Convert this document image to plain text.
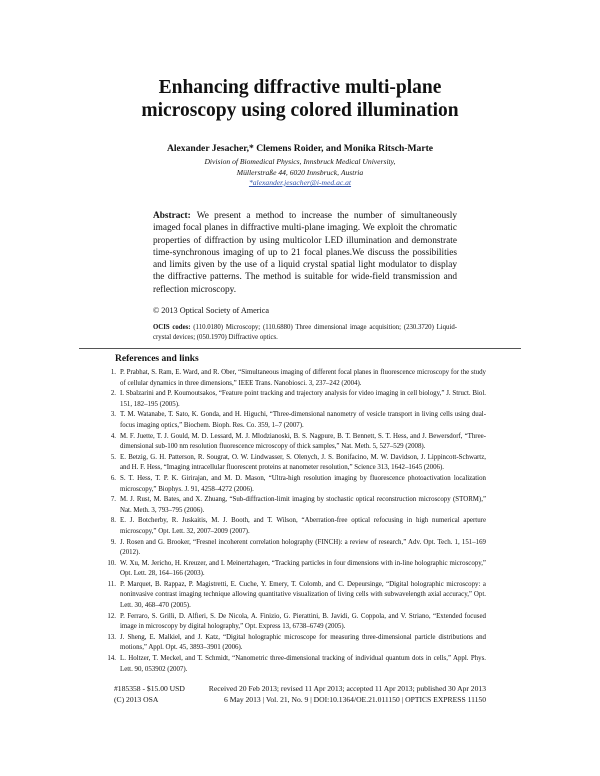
Enhancing diffractive multi-plane
microscopy using colored illumination
Alexander Jesacher,* Clemens Roider, and Monika Ritsch-Marte
Division of Biomedical Physics, Innsbruck Medical University,
Müllerstraße 44, 6020 Innsbruck, Austria
*alexander.jesacher@i-med.ac.at
Abstract: We present a method to increase the number of simultaneously imaged focal planes in diffractive multi-plane imaging. We exploit the chromatic properties of diffraction by using multicolor LED illumination and demonstrate time-synchronous imaging of up to 21 focal planes.We discuss the possibilities and limits given by the use of a liquid crystal spatial light modulator to display the diffractive patterns. The method is suitable for wide-field transmission and reflection microscopy.
© 2013 Optical Society of America
OCIS codes: (110.0180) Microscopy; (110.6880) Three dimensional image acquisition; (230.3720) Liquid-crystal devices; (050.1970) Diffractive optics.
References and links
1. P. Prabhat, S. Ram, E. Ward, and R. Ober, “Simultaneous imaging of different focal planes in fluorescence microscopy for the study of cellular dynamics in three dimensions,” IEEE Trans. Nanobiosci. 3, 237–242 (2004).
2. I. Sbalzarini and P. Koumoutsakos, “Feature point tracking and trajectory analysis for video imaging in cell biology,” J. Struct. Biol. 151, 182–195 (2005).
3. T. M. Watanabe, T. Sato, K. Gonda, and H. Higuchi, “Three-dimensional nanometry of vesicle transport in living cells using dual-focus imaging optics,” Biochem. Bioph. Res. Co. 359, 1–7 (2007).
4. M. F. Juette, T. J. Gould, M. D. Lessard, M. J. Mlodzianoski, B. S. Nagpure, B. T. Bennett, S. T. Hess, and J. Bewersdorf, “Three-dimensional sub-100 nm resolution fluorescence microscopy of thick samples,” Nat. Meth. 5, 527–529 (2008).
5. E. Betzig, G. H. Patterson, R. Sougrat, O. W. Lindwasser, S. Olenych, J. S. Bonifacino, M. W. Davidson, J. Lippincott-Schwartz, and H. F. Hess, “Imaging intracellular fluorescent proteins at nanometer resolution,” Science 313, 1642–1645 (2006).
6. S. T. Hess, T. P. K. Girirajan, and M. D. Mason, “Ultra-high resolution imaging by fluorescence photoactivation localization microscopy,” Biophys. J. 91, 4258–4272 (2006).
7. M. J. Rust, M. Bates, and X. Zhuang, “Sub-diffraction-limit imaging by stochastic optical reconstruction microscopy (STORM),” Nat. Meth. 3, 793–795 (2006).
8. E. J. Botcherby, R. Juskaitis, M. J. Booth, and T. Wilson, “Aberration-free optical refocusing in high numerical aperture microscopy,” Opt. Lett. 32, 2007–2009 (2007).
9. J. Rosen and G. Brooker, “Fresnel incoherent correlation holography (FINCH): a review of research,” Adv. Opt. Tech. 1, 151–169 (2012).
10. W. Xu, M. Jericho, H. Kreuzer, and I. Meinertzhagen, “Tracking particles in four dimensions with in-line holographic microscopy,” Opt. Lett. 28, 164–166 (2003).
11. P. Marquet, B. Rappaz, P. Magistretti, E. Cuche, Y. Emery, T. Colomb, and C. Depeursinge, “Digital holographic microscopy: a noninvasive contrast imaging technique allowing quantitative visualization of living cells with subwavelength axial accuracy,” Opt. Lett. 30, 468–470 (2005).
12. P. Ferraro, S. Grilli, D. Alfieri, S. De Nicola, A. Finizio, G. Pierattini, B. Javidi, G. Coppola, and V. Striano, “Extended focused image in microscopy by digital holography,” Opt. Express 13, 6738–6749 (2005).
13. J. Sheng, E. Malkiel, and J. Katz, “Digital holographic microscope for measuring three-dimensional particle distributions and motions,” Appl. Opt. 45, 3893–3901 (2006).
14. L. Holtzer, T. Meckel, and T. Schmidt, “Nanometric three-dimensional tracking of individual quantum dots in cells,” Appl. Phys. Lett. 90, 053902 (2007).
#185358 - $15.00 USD	Received 20 Feb 2013; revised 11 Apr 2013; accepted 11 Apr 2013; published 30 Apr 2013
(C) 2013 OSA	6 May 2013 | Vol. 21, No. 9 | DOI:10.1364/OE.21.011150 | OPTICS EXPRESS 11150
